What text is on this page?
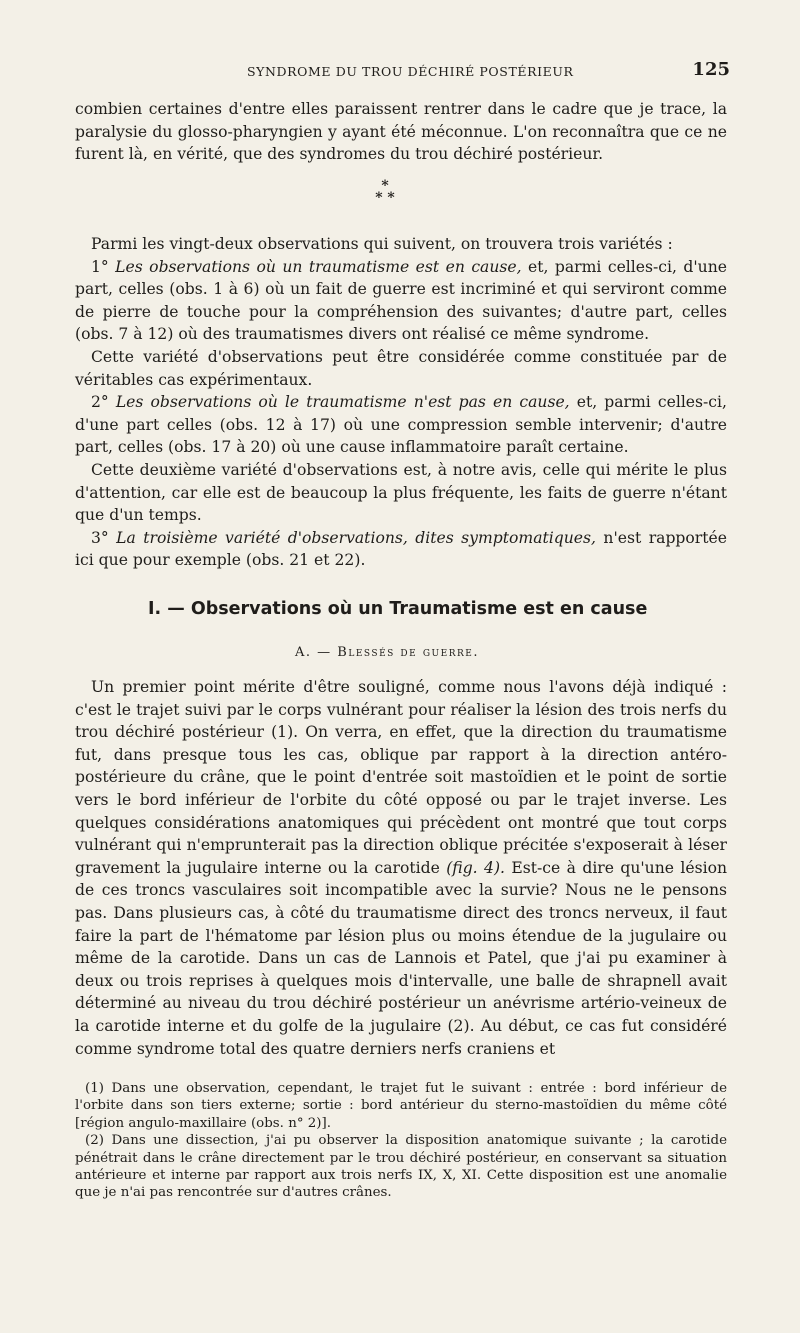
SYNDROME DU TROU DÉCHIRÉ POSTÉRIEUR	125

combien certaines d'entre elles paraissent rentrer dans le cadre que je trace, la paralysie du glosso-pharyngien y ayant été méconnue. L'on reconnaîtra que ce ne furent là, en vérité, que des syndromes du trou déchiré postérieur.

*
* *

Parmi les vingt-deux observations qui suivent, on trouvera trois variétés :

1° Les observations où un traumatisme est en cause, et, parmi celles-ci, d'une part, celles (obs. 1 à 6) où un fait de guerre est incriminé et qui serviront comme de pierre de touche pour la compréhension des suivantes; d'autre part, celles (obs. 7 à 12) où des traumatismes divers ont réalisé ce même syndrome.

Cette variété d'observations peut être considérée comme constituée par de véritables cas expérimentaux.

2° Les observations où le traumatisme n'est pas en cause, et, parmi celles-ci, d'une part celles (obs. 12 à 17) où une compression semble intervenir; d'autre part, celles (obs. 17 à 20) où une cause inflammatoire paraît certaine.

Cette deuxième variété d'observations est, à notre avis, celle qui mérite le plus d'attention, car elle est de beaucoup la plus fréquente, les faits de guerre n'étant que d'un temps.

3° La troisième variété d'observations, dites symptomatiques, n'est rapportée ici que pour exemple (obs. 21 et 22).

I. — Observations où un Traumatisme est en cause
A. — Blessés de guerre.

Un premier point mérite d'être souligné, comme nous l'avons déjà indiqué : c'est le trajet suivi par le corps vulnérant pour réaliser la lésion des trois nerfs du trou déchiré postérieur (1). On verra, en effet, que la direction du traumatisme fut, dans presque tous les cas, oblique par rapport à la direction antéro-postérieure du crâne, que le point d'entrée soit mastoïdien et le point de sortie vers le bord inférieur de l'orbite du côté opposé ou par le trajet inverse. Les quelques considérations anatomiques qui précèdent ont montré que tout corps vulnérant qui n'emprunterait pas la direction oblique précitée s'exposerait à léser gravement la jugulaire interne ou la carotide (fig. 4). Est-ce à dire qu'une lésion de ces troncs vasculaires soit incompatible avec la survie? Nous ne le pensons pas. Dans plusieurs cas, à côté du traumatisme direct des troncs nerveux, il faut faire la part de l'hématome par lésion plus ou moins étendue de la jugulaire ou même de la carotide. Dans un cas de Lannois et Patel, que j'ai pu examiner à deux ou trois reprises à quelques mois d'intervalle, une balle de shrapnell avait déterminé au niveau du trou déchiré postérieur un anévrisme artério-veineux de la carotide interne et du golfe de la jugulaire (2). Au début, ce cas fut considéré comme syndrome total des quatre derniers nerfs craniens et

(1) Dans une observation, cependant, le trajet fut le suivant : entrée : bord inférieur de l'orbite dans son tiers externe; sortie : bord antérieur du sterno-mastoïdien du même côté [région angulo-maxillaire (obs. n° 2)].

(2) Dans une dissection, j'ai pu observer la disposition anatomique suivante ; la carotide pénétrait dans le crâne directement par le trou déchiré postérieur, en conservant sa situation antérieure et interne par rapport aux trois nerfs IX, X, XI. Cette disposition est une anomalie que je n'ai pas rencontrée sur d'autres crânes.
